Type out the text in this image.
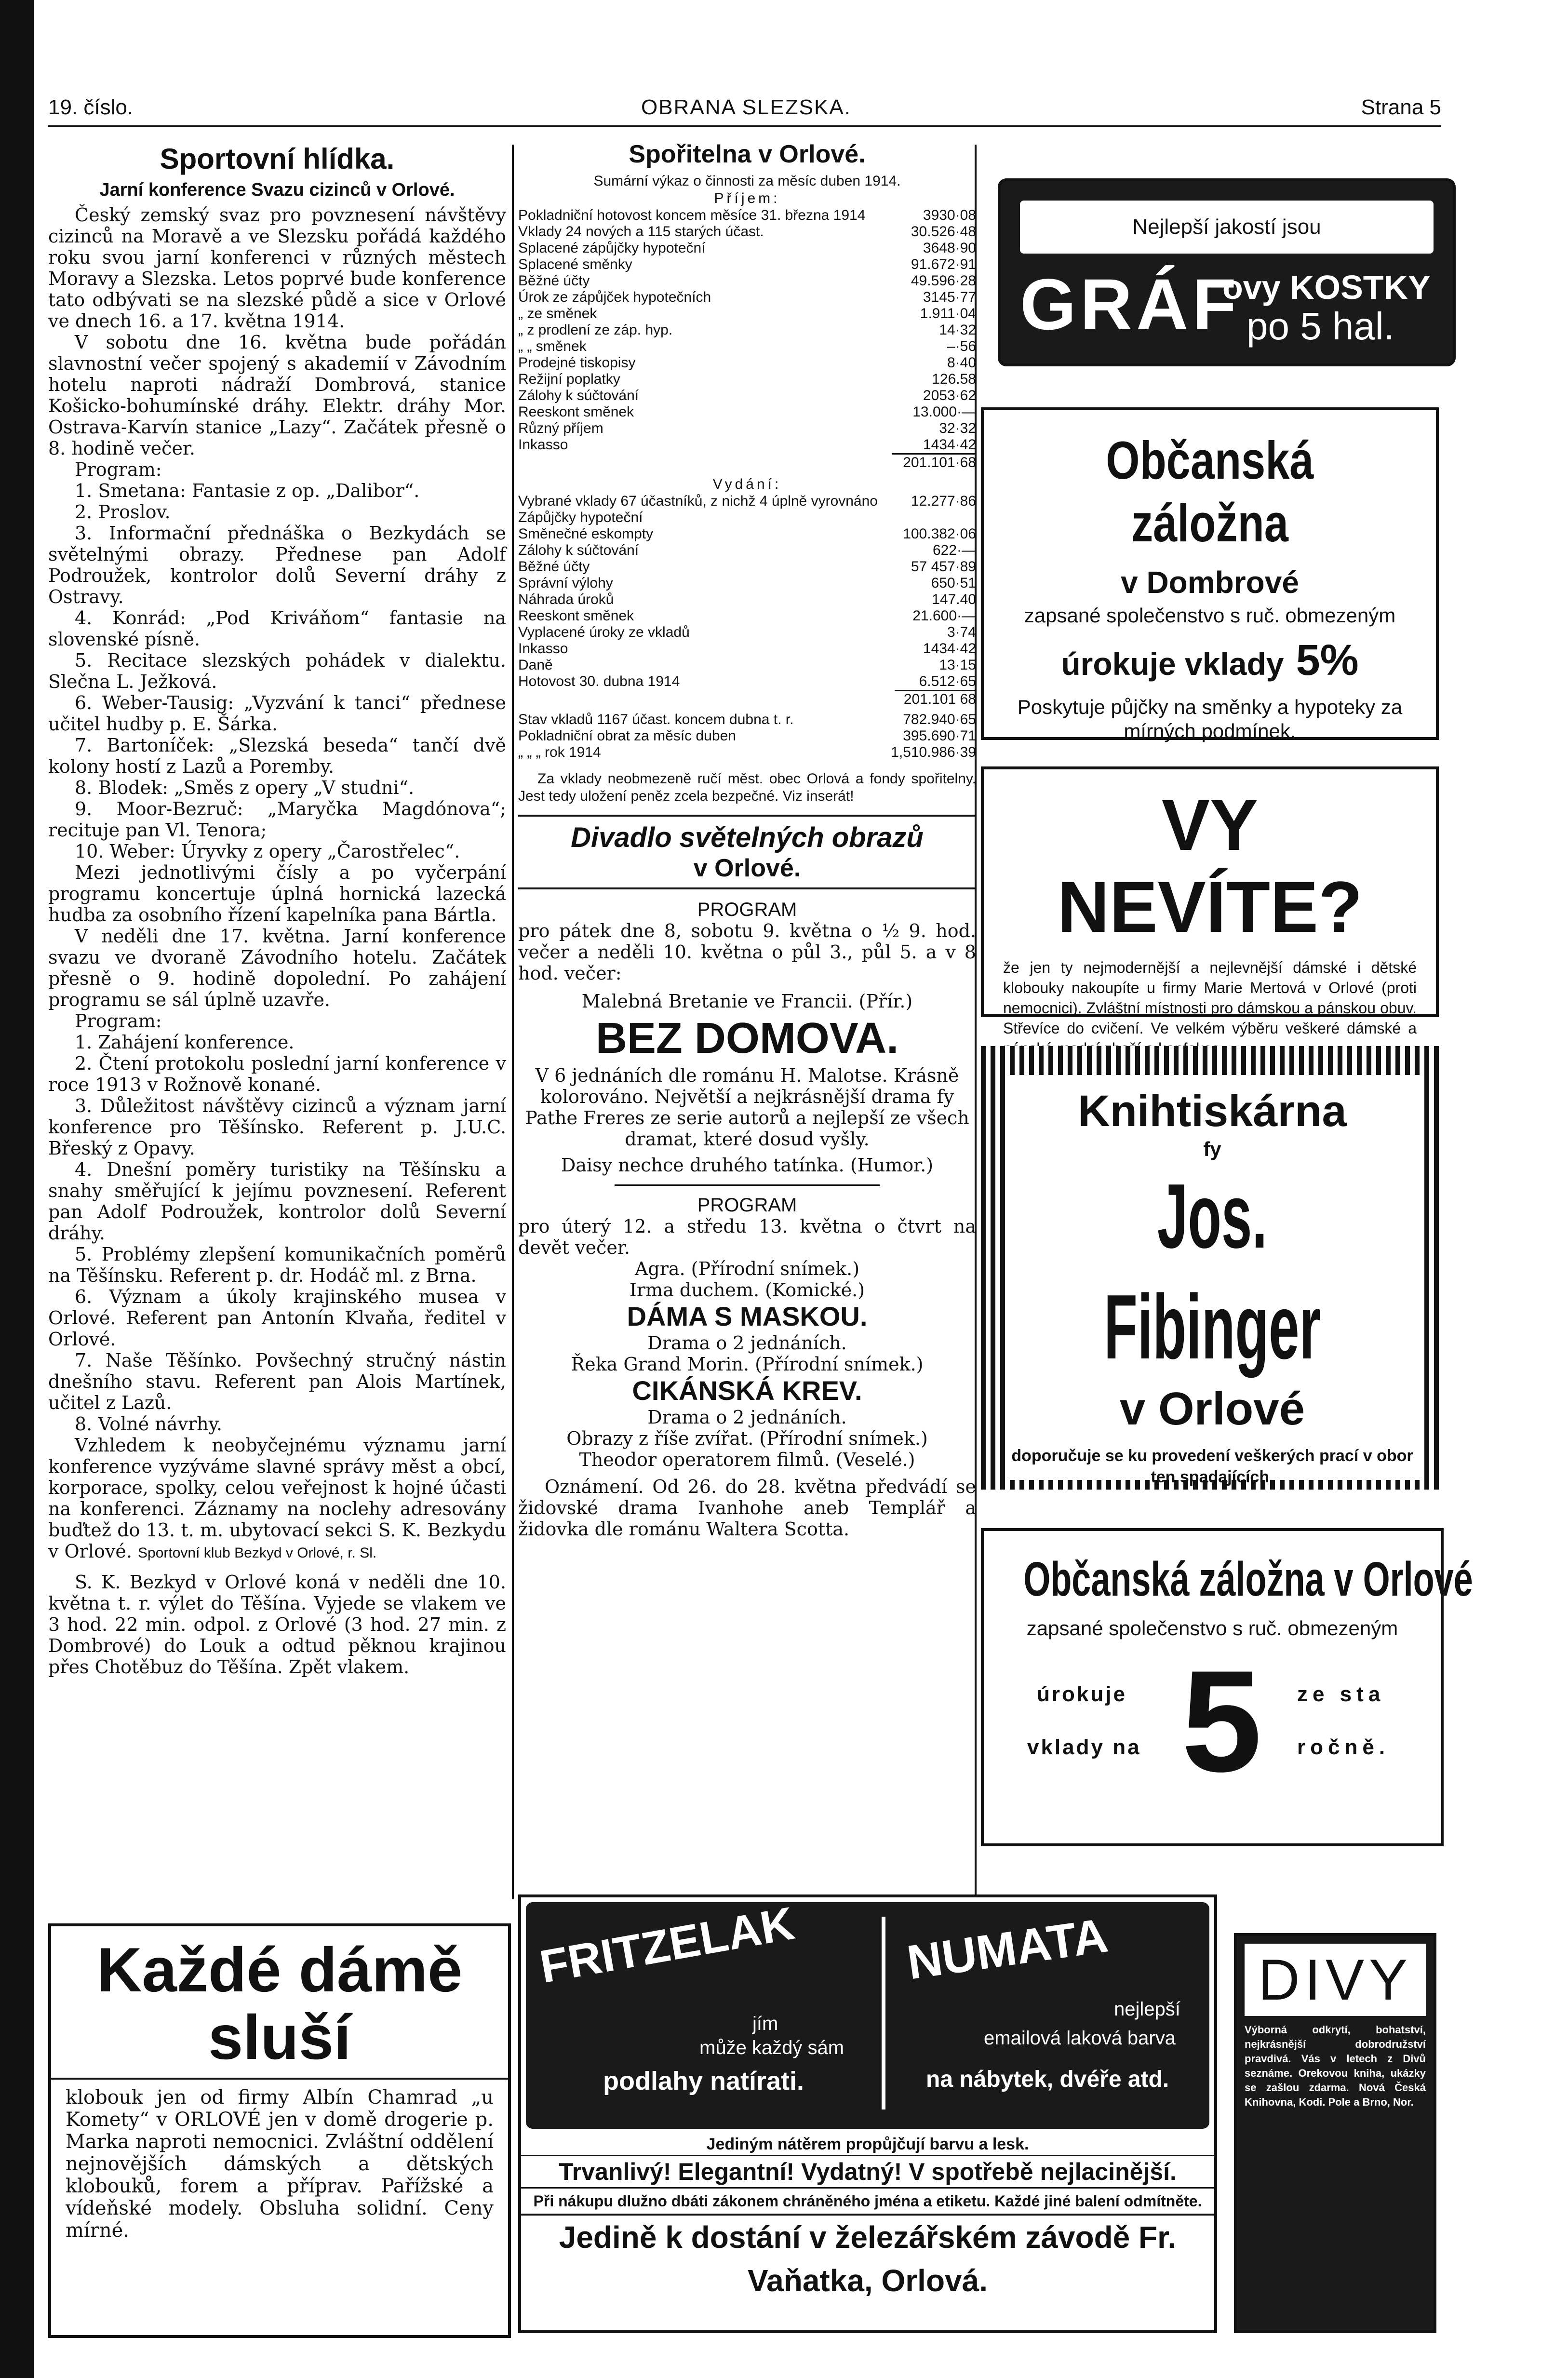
19. číslo.	OBRANA SLEZSKA.	Strana 5
Sportovní hlídka.
Jarní konference Svazu cizinců v Orlové.

Český zemský svaz pro povznesení návštěvy cizinců na Moravě a ve Slezsku pořádá každého roku svou jarní konferenci v různých městech Moravy a Slezska. Letos poprvé bude konference tato odbývati se na slezské půdě a sice v Orlové ve dnech 16. a 17. května 1914.

V sobotu dne 16. května bude pořádán slavnostní večer spojený s akademií v Závodním hotelu naproti nádraží Dombrová, stanice Košicko-bohumínské dráhy. Elektr. dráhy Mor. Ostrava-Karvín stanice „Lazy“. Začátek přesně o 8. hodině večer.

Program:

1. Smetana: Fantasie z op. „Dalibor“.

2. Proslov.

3. Informační přednáška o Bezkydách se světelnými obrazy. Přednese pan Adolf Podroužek, kontrolor dolů Severní dráhy z Ostravy.

4. Konrád: „Pod Kriváňom“ fantasie na slovenské písně.

5. Recitace slezských pohádek v dialektu. Slečna L. Ježková.

6. Weber-Tausig: „Vyzvání k tanci“ přednese učitel hudby p. E. Šárka.

7. Bartoníček: „Slezská beseda“ tančí dvě kolony hostí z Lazů a Poremby.

8. Blodek: „Směs z opery „V studni“.

9. Moor-Bezruč: „Maryčka Magdónova“; recituje pan Vl. Tenora;

10. Weber: Úryvky z opery „Čarostřelec“.

Mezi jednotlivými čísly a po vyčerpání programu koncertuje úplná hornická lazecká hudba za osobního řízení kapelníka pana Bártla.

V neděli dne 17. května. Jarní konference svazu ve dvoraně Závodního hotelu. Začátek přesně o 9. hodině dopolední. Po zahájení programu se sál úplně uzavře.

Program:

1. Zahájení konference.

2. Čtení protokolu poslední jarní konference v roce 1913 v Rožnově konané.

3. Důležitost návštěvy cizinců a význam jarní konference pro Těšínsko. Referent p. J.U.C. Břeský z Opavy.

4. Dnešní poměry turistiky na Těšínsku a snahy směřující k jejímu povznesení. Referent pan Adolf Podroužek, kontrolor dolů Severní dráhy.

5. Problémy zlepšení komunikačních poměrů na Těšínsku. Referent p. dr. Hodáč ml. z Brna.

6. Význam a úkoly krajinského musea v Orlové. Referent pan Antonín Klvaňa, ředitel v Orlové.

7. Naše Těšínko. Povšechný stručný nástin dnešního stavu. Referent pan Alois Martínek, učitel z Lazů.

8. Volné návrhy.

Vzhledem k neobyčejnému významu jarní konference vyzýváme slavné správy měst a obcí, korporace, spolky, celou veřejnost k hojné účasti na konferenci. Záznamy na noclehy adresovány buďtež do 13. t. m. ubytovací sekci S. K. Bezkydu v Orlové. Sportovní klub Bezkyd v Orlové, r. Sl.

S. K. Bezkyd v Orlové koná v neděli dne 10. května t. r. výlet do Těšína. Vyjede se vlakem ve 3 hod. 22 min. odpol. z Orlové (3 hod. 27 min. z Dombrové) do Louk a odtud pěknou krajinou přes Chotěbuz do Těšína. Zpět vlakem.

Každé dámě
sluší

klobouk jen od firmy Albín Chamrad „u Komety“ v ORLOVÉ jen v domě drogerie p. Marka naproti nemocnici. Zvláštní oddělení nejnovějších dámských a dětských klobouků, forem a příprav. Pařížské a vídeňské modely. Obsluha solidní. Ceny mírné.

Spořitelna v Orlové.

Sumární výkaz o činnosti za měsíc duben 1914.

Příjem:

Pokladniční hotovost koncem měsíce 31. března 1914	3930·08
Vklady 24 nových a 115 starých účast.	30.526·48
Splacené zápůjčky hypoteční	3648·90
Splacené směnky	91.672·91
Běžné účty	49.596·28
Úrok ze zápůjček hypotečních	3145·77
„ ze směnek	1.911·04
„ z prodlení ze záp. hyp.	14·32
„ „ směnek	–·56
Prodejné tiskopisy	8·40
Režijní poplatky	126.58
Zálohy k súčtování	2053·62
Reeskont směnek	13.000·—
Různý příjem	32·32
Inkasso	1434·42
	201.101·68

Vydání:

Vybrané vklady 67 účastníků, z nichž 4 úplně vyrovnáno	12.277·86
Zápůjčky hypoteční	
Směnečné eskompty	100.382·06
Zálohy k súčtování	622·—
Běžné účty	57 457·89
Správní výlohy	650·51
Náhrada úroků	147.40
Reeskont směnek	21.600·—
Vyplacené úroky ze vkladů	3·74
Inkasso	1434·42
Daně	13·15
Hotovost 30. dubna 1914	6.512·65
	201.101 68
Stav vkladů 1167 účast. koncem dubna t. r.	782.940·65
Pokladniční obrat za měsíc duben	395.690·71
„ „ „ rok 1914	1,510.986·39

Za vklady neobmezeně ručí měst. obec Orlová a fondy spořitelny. Jest tedy uložení peněz zcela bezpečné. Viz inserát!

Divadlo světelných obrazů
v Orlové.

PROGRAM

pro pátek dne 8, sobotu 9. května o ½ 9. hod. večer a neděli 10. května o půl 3., půl 5. a v 8 hod. večer:

Malebná Bretanie ve Francii. (Přír.)

BEZ DOMOVA.

V 6 jednáních dle románu H. Malotse. Krásně kolorováno. Největší a nejkrásnější drama fy Pathe Freres ze serie autorů a nejlepší ze všech dramat, které dosud vyšly.

Daisy nechce druhého tatínka. (Humor.)

PROGRAM

pro úterý 12. a středu 13. května o čtvrt na devět večer.

Agra. (Přírodní snímek.)

Irma duchem. (Komické.)

DÁMA S MASKOU.

Drama o 2 jednáních.

Řeka Grand Morin. (Přírodní snímek.)

CIKÁNSKÁ KREV.

Drama o 2 jednáních.

Obrazy z říše zvířat. (Přírodní snímek.)

Theodor operatorem filmů. (Veselé.)

Oznámení. Od 26. do 28. května předvádí se židovské drama Ivanhohe aneb Templář a židovka dle románu Waltera Scotta.

Nejlepší jakostí jsou
GRÁF
ovy KOSTKY
po 5 hal.
Občanská záložna
v Dombrové

zapsané společenstvo s ruč. obmezeným

úrokuje vklady 5%

Poskytuje půjčky na směnky a hypoteky za mírných podmínek.

VY NEVÍTE?

že jen ty nejmodernější a nejlevnější dámské i dětské klobouky nakoupíte u firmy Marie Mertová v Orlové (proti nemocnici). Zvláštní místnosti pro dámskou a pánskou obuv. Střevíce do cvičení. Ve velkém výběru veškeré dámské a

Knihtiskárna
fy
Jos. Fibinger
v Orlové

doporučuje se ku provedení veškerých prací v obor ten spadajících.

Občanská záložna v Orlové

zapsané společenstvo s ruč. obmezeným

úrokuje
vklady na 5 ze sta
ročně.
FRITZELAK
jím
může každý sám
podlahy natírati.
NUMATA
nejlepší
emailová laková barva
na nábytek, dvéře atd.

Jediným nátěrem propůjčují barvu a lesk.

Trvanlivý! Elegantní! Vydatný! V spotřebě nejlacinější.

Při nákupu dlužno dbáti zákonem chráněného jména a etiketu. Každé jiné balení odmítněte.

Jedině k dostání v železářském závodě Fr. Vaňatka, Orlová.

DIVY

Výborná odkrytí, bohatství, nejkrásnější dobrodružství pravdivá. Vás v letech z Divů seznáme. Orekovou kniha, ukázky se zašlou zdarma. Nová Česká Knihovna, Kodi. Pole a Brno, Nor.
